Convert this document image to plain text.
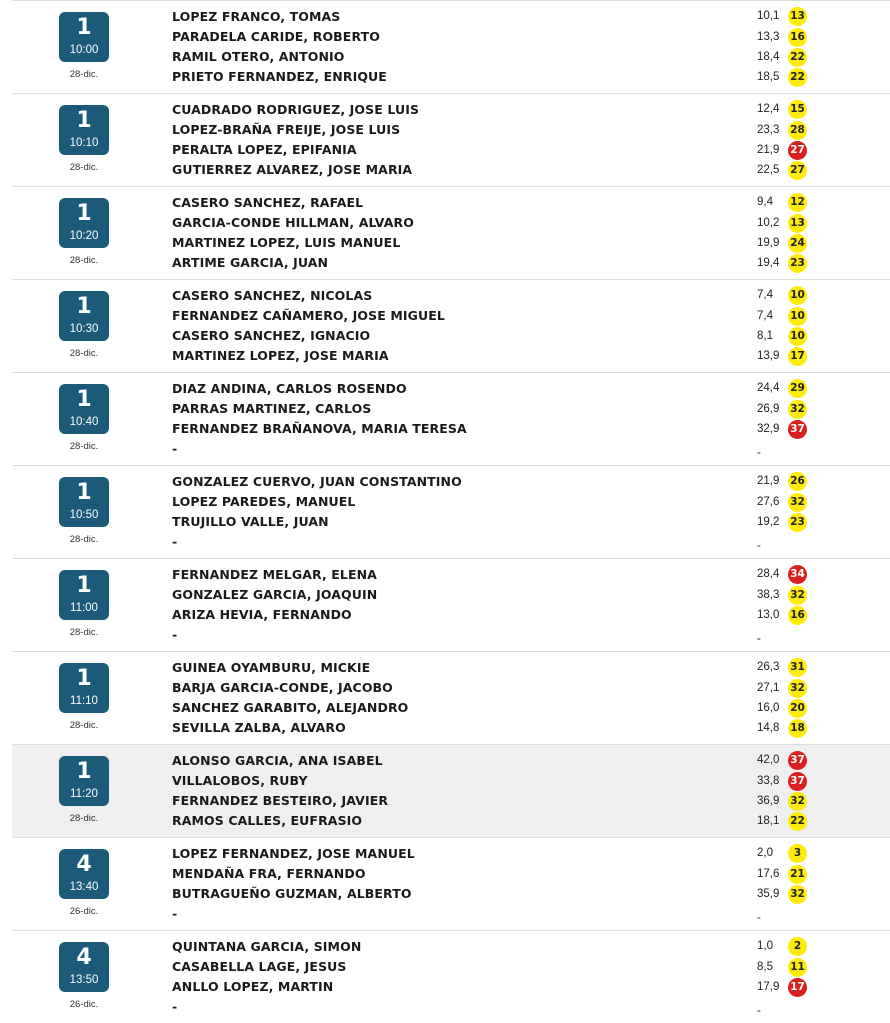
1
10:00
28-dic.
LOPEZ FRANCO, TOMAS	10,1 13
PARADELA CARIDE, ROBERTO	13,3 16
RAMIL OTERO, ANTONIO	18,4 22
PRIETO FERNANDEZ, ENRIQUE	18,5 22
1
10:10
28-dic.
CUADRADO RODRIGUEZ, JOSE LUIS	12,4 15
LOPEZ-BRAÑA FREIJE, JOSE LUIS	23,3 28
PERALTA LOPEZ, EPIFANIA	21,9 27
GUTIERREZ ALVAREZ, JOSE MARIA	22,5 27
1
10:20
28-dic.
CASERO SANCHEZ, RAFAEL	9,4 12
GARCIA-CONDE HILLMAN, ALVARO	10,2 13
MARTINEZ LOPEZ, LUIS MANUEL	19,9 24
ARTIME GARCIA, JUAN	19,4 23
1
10:30
28-dic.
CASERO SANCHEZ, NICOLAS	7,4 10
FERNANDEZ CAÑAMERO, JOSE MIGUEL	7,4 10
CASERO SANCHEZ, IGNACIO	8,1 10
MARTINEZ LOPEZ, JOSE MARIA	13,9 17
1
10:40
28-dic.
DIAZ ANDINA, CARLOS ROSENDO	24,4 29
PARRAS MARTINEZ, CARLOS	26,9 32
FERNANDEZ BRAÑANOVA, MARIA TERESA	32,9 37
-	-
1
10:50
28-dic.
GONZALEZ CUERVO, JUAN CONSTANTINO	21,9 26
LOPEZ PAREDES, MANUEL	27,6 32
TRUJILLO VALLE, JUAN	19,2 23
-	-
1
11:00
28-dic.
FERNANDEZ MELGAR, ELENA	28,4 34
GONZALEZ GARCIA, JOAQUIN	38,3 32
ARIZA HEVIA, FERNANDO	13,0 16
-	-
1
11:10
28-dic.
GUINEA OYAMBURU, MICKIE	26,3 31
BARJA GARCIA-CONDE, JACOBO	27,1 32
SANCHEZ GARABITO, ALEJANDRO	16,0 20
SEVILLA ZALBA, ALVARO	14,8 18
1
11:20
28-dic.
ALONSO GARCIA, ANA ISABEL	42,0 37
VILLALOBOS, RUBY	33,8 37
FERNANDEZ BESTEIRO, JAVIER	36,9 32
RAMOS CALLES, EUFRASIO	18,1 22
4
13:40
26-dic.
LOPEZ FERNANDEZ, JOSE MANUEL	2,0	3
MENDAÑA FRA, FERNANDO	17,6 21
BUTRAGUEÑO GUZMAN, ALBERTO	35,9 32
-	-
4
13:50
26-dic.
QUINTANA GARCIA, SIMON	1,0	2
CASABELLA LAGE, JESUS	8,5 11
ANLLO LOPEZ, MARTIN	17,9 17
-	-
